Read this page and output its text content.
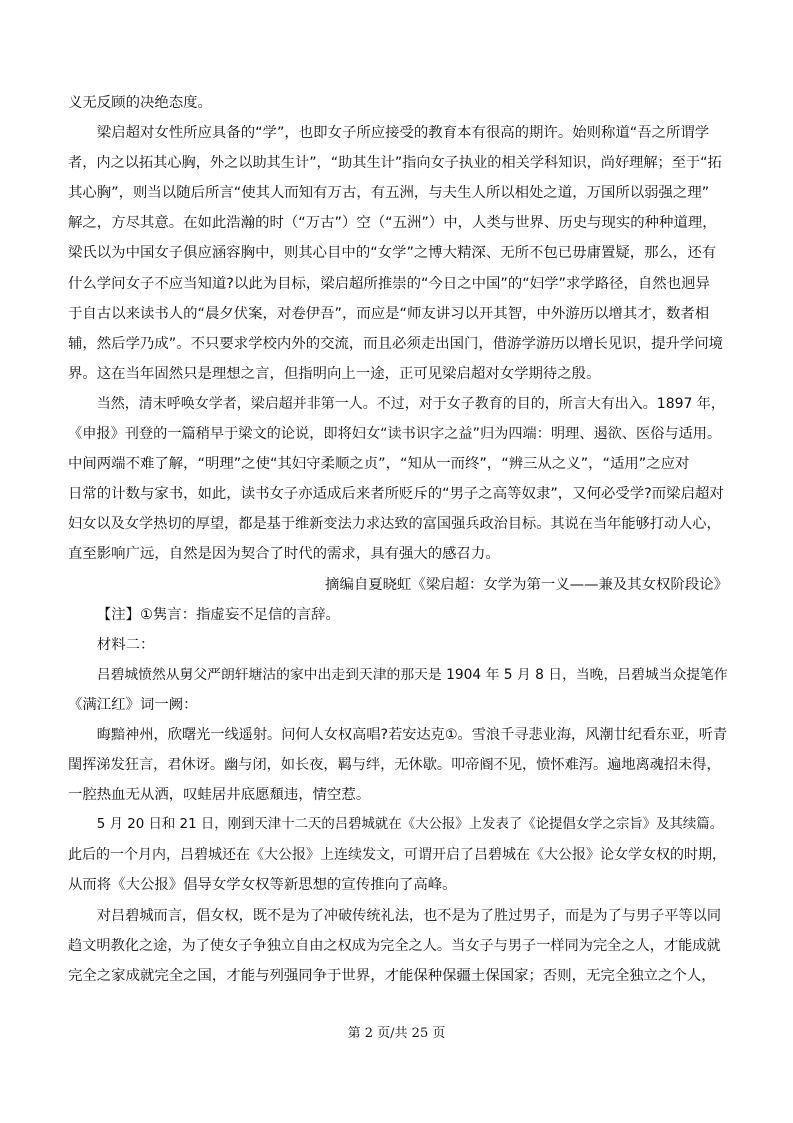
义无反顾的决绝态度。
梁启超对女性所应具备的“学”，也即女子所应接受的教育本有很高的期许。始则称道“吾之所谓学
者，内之以拓其心胸，外之以助其生计”，“助其生计”指向女子执业的相关学科知识，尚好理解；至于“拓
其心胸”，则当以随后所言“使其人而知有万古，有五洲，与夫生人所以相处之道，万国所以弱强之理”
解之，方尽其意。在如此浩瀚的时（“万古”）空（“五洲”）中，人类与世界、历史与现实的种种道理，
梁氏以为中国女子俱应涵容胸中，则其心目中的“女学”之博大精深、无所不包已毋庸置疑，那么，还有
什么学问女子不应当知道?以此为目标，梁启超所推崇的“今日之中国”的“妇学”求学路径，自然也迥异
于自古以来读书人的“晨夕伏案，对卷伊吾”，而应是“师友讲习以开其智，中外游历以增其才，数者相
辅，然后学乃成”。不只要求学校内外的交流，而且必须走出国门，借游学游历以增长见识，提升学问境
界。这在当年固然只是理想之言，但指明向上一途，正可见梁启超对女学期待之殷。
当然，清末呼唤女学者，梁启超并非第一人。不过，对于女子教育的目的，所言大有出入。1897 年，
《申报》刊登的一篇稍早于梁文的论说，即将妇女“读书识字之益”归为四端：明理、遏欲、医俗与适用。
中间两端不难了解，“明理”之使“其妇守柔顺之贞”，“知从一而终”，“辨三从之义”，“适用”之应对
日常的计数与家书，如此，读书女子亦适成后来者所贬斥的“男子之高等奴隶”，又何必受学?而梁启超对
妇女以及女学热切的厚望，都是基于维新变法力求达致的富国强兵政治目标。其说在当年能够打动人心，
直至影响广远，自然是因为契合了时代的需求，具有强大的感召力。
摘编自夏晓虹《梁启超：女学为第一义——兼及其女权阶段论》
【注】①隽言：指虚妄不足信的言辞。
材料二：
吕碧城愤然从舅父严朗轩塘沽的家中出走到天津的那天是 1904 年 5 月 8 日，当晚，吕碧城当众提笔作
《满江红》词一阙：
晦黯神州，欣曙光一线遥射。问何人女权高唱?若安达克①。雪浪千寻悲业海，风潮廿纪看东亚，听青
閨挥涕发狂言，君休讶。幽与闭，如长夜，羁与绊，无休歇。叩帝阍不见，愤怀难泻。遍地离魂招未得，
一腔热血无从洒，叹蛙居井底愿頹违，情空惹。
5 月 20 日和 21 日，刚到天津十二天的吕碧城就在《大公报》上发表了《论提倡女学之宗旨》及其续篇。
此后的一个月内，吕碧城还在《大公报》上连续发文，可谓开启了吕碧城在《大公报》论女学女权的时期，
从而将《大公报》倡导女学女权等新思想的宣传推向了高峰。
对吕碧城而言，倡女权，既不是为了冲破传统礼法，也不是为了胜过男子，而是为了与男子平等以同
趋文明教化之途，为了使女子争独立自由之权成为完全之人。当女子与男子一样同为完全之人，才能成就
完全之家成就完全之国，才能与列强同争于世界，才能保种保疆土保国家；否则，无完全独立之个人，
第 2 页/共 25 页
